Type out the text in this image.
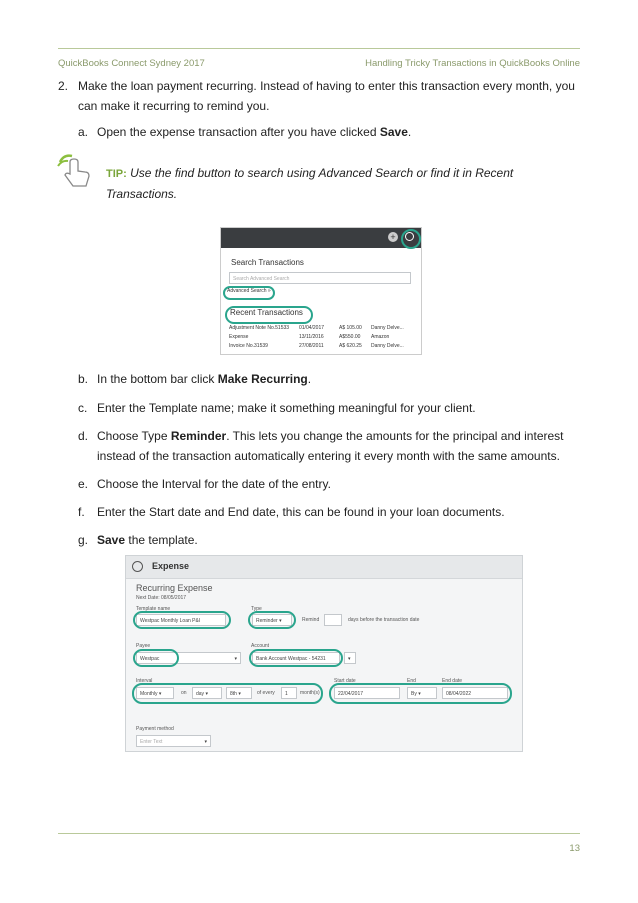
QuickBooks Connect Sydney 2017	Handling Tricky Transactions in QuickBooks Online
2. Make the loan payment recurring. Instead of having to enter this transaction every month, you
can make it recurring to remind you.
a. Open the expense transaction after you have clicked Save.
TIP: Use the find button to search using Advanced Search or find it in Recent
Transactions.
+
Search Transactions
Search Advanced Search
Advanced Search »
Recent Transactions
Adjustment Note No.51533 01/04/2017	A$ 105.00 Danny Delve...
Expense	13/11/2016	A$550.00 Amazon
Invoice No.31539	27/08/2011	A$ 620.25 Danny Delve...
b. In the bottom bar click Make Recurring.
c. Enter the Template name; make it something meaningful for your client.
d. Choose Type Reminder. This lets you change the amounts for the principal and interest
instead of the transaction automatically entering it every month with the same amounts.
e. Choose the Interval for the date of the entry.
f. Enter the Start date and End date, this can be found in your loan documents.
g. Save the template.
Expense
Recurring Expense
Next Date: 08/05/2017
Template name
Westpac Monthly Loan P&I
Type
Reminder ▾	Remind	days before the transaction date
Payee
Westpac	▾
Account
Bank Account Westpac - 54231	▾
Interval
Monthly ▾	on	day ▾	8th ▾	of every	1	month(s)
Start date
22/04/2017
End
By ▾
End date
08/04/2022
Payment method
Enter Text	▾
13
